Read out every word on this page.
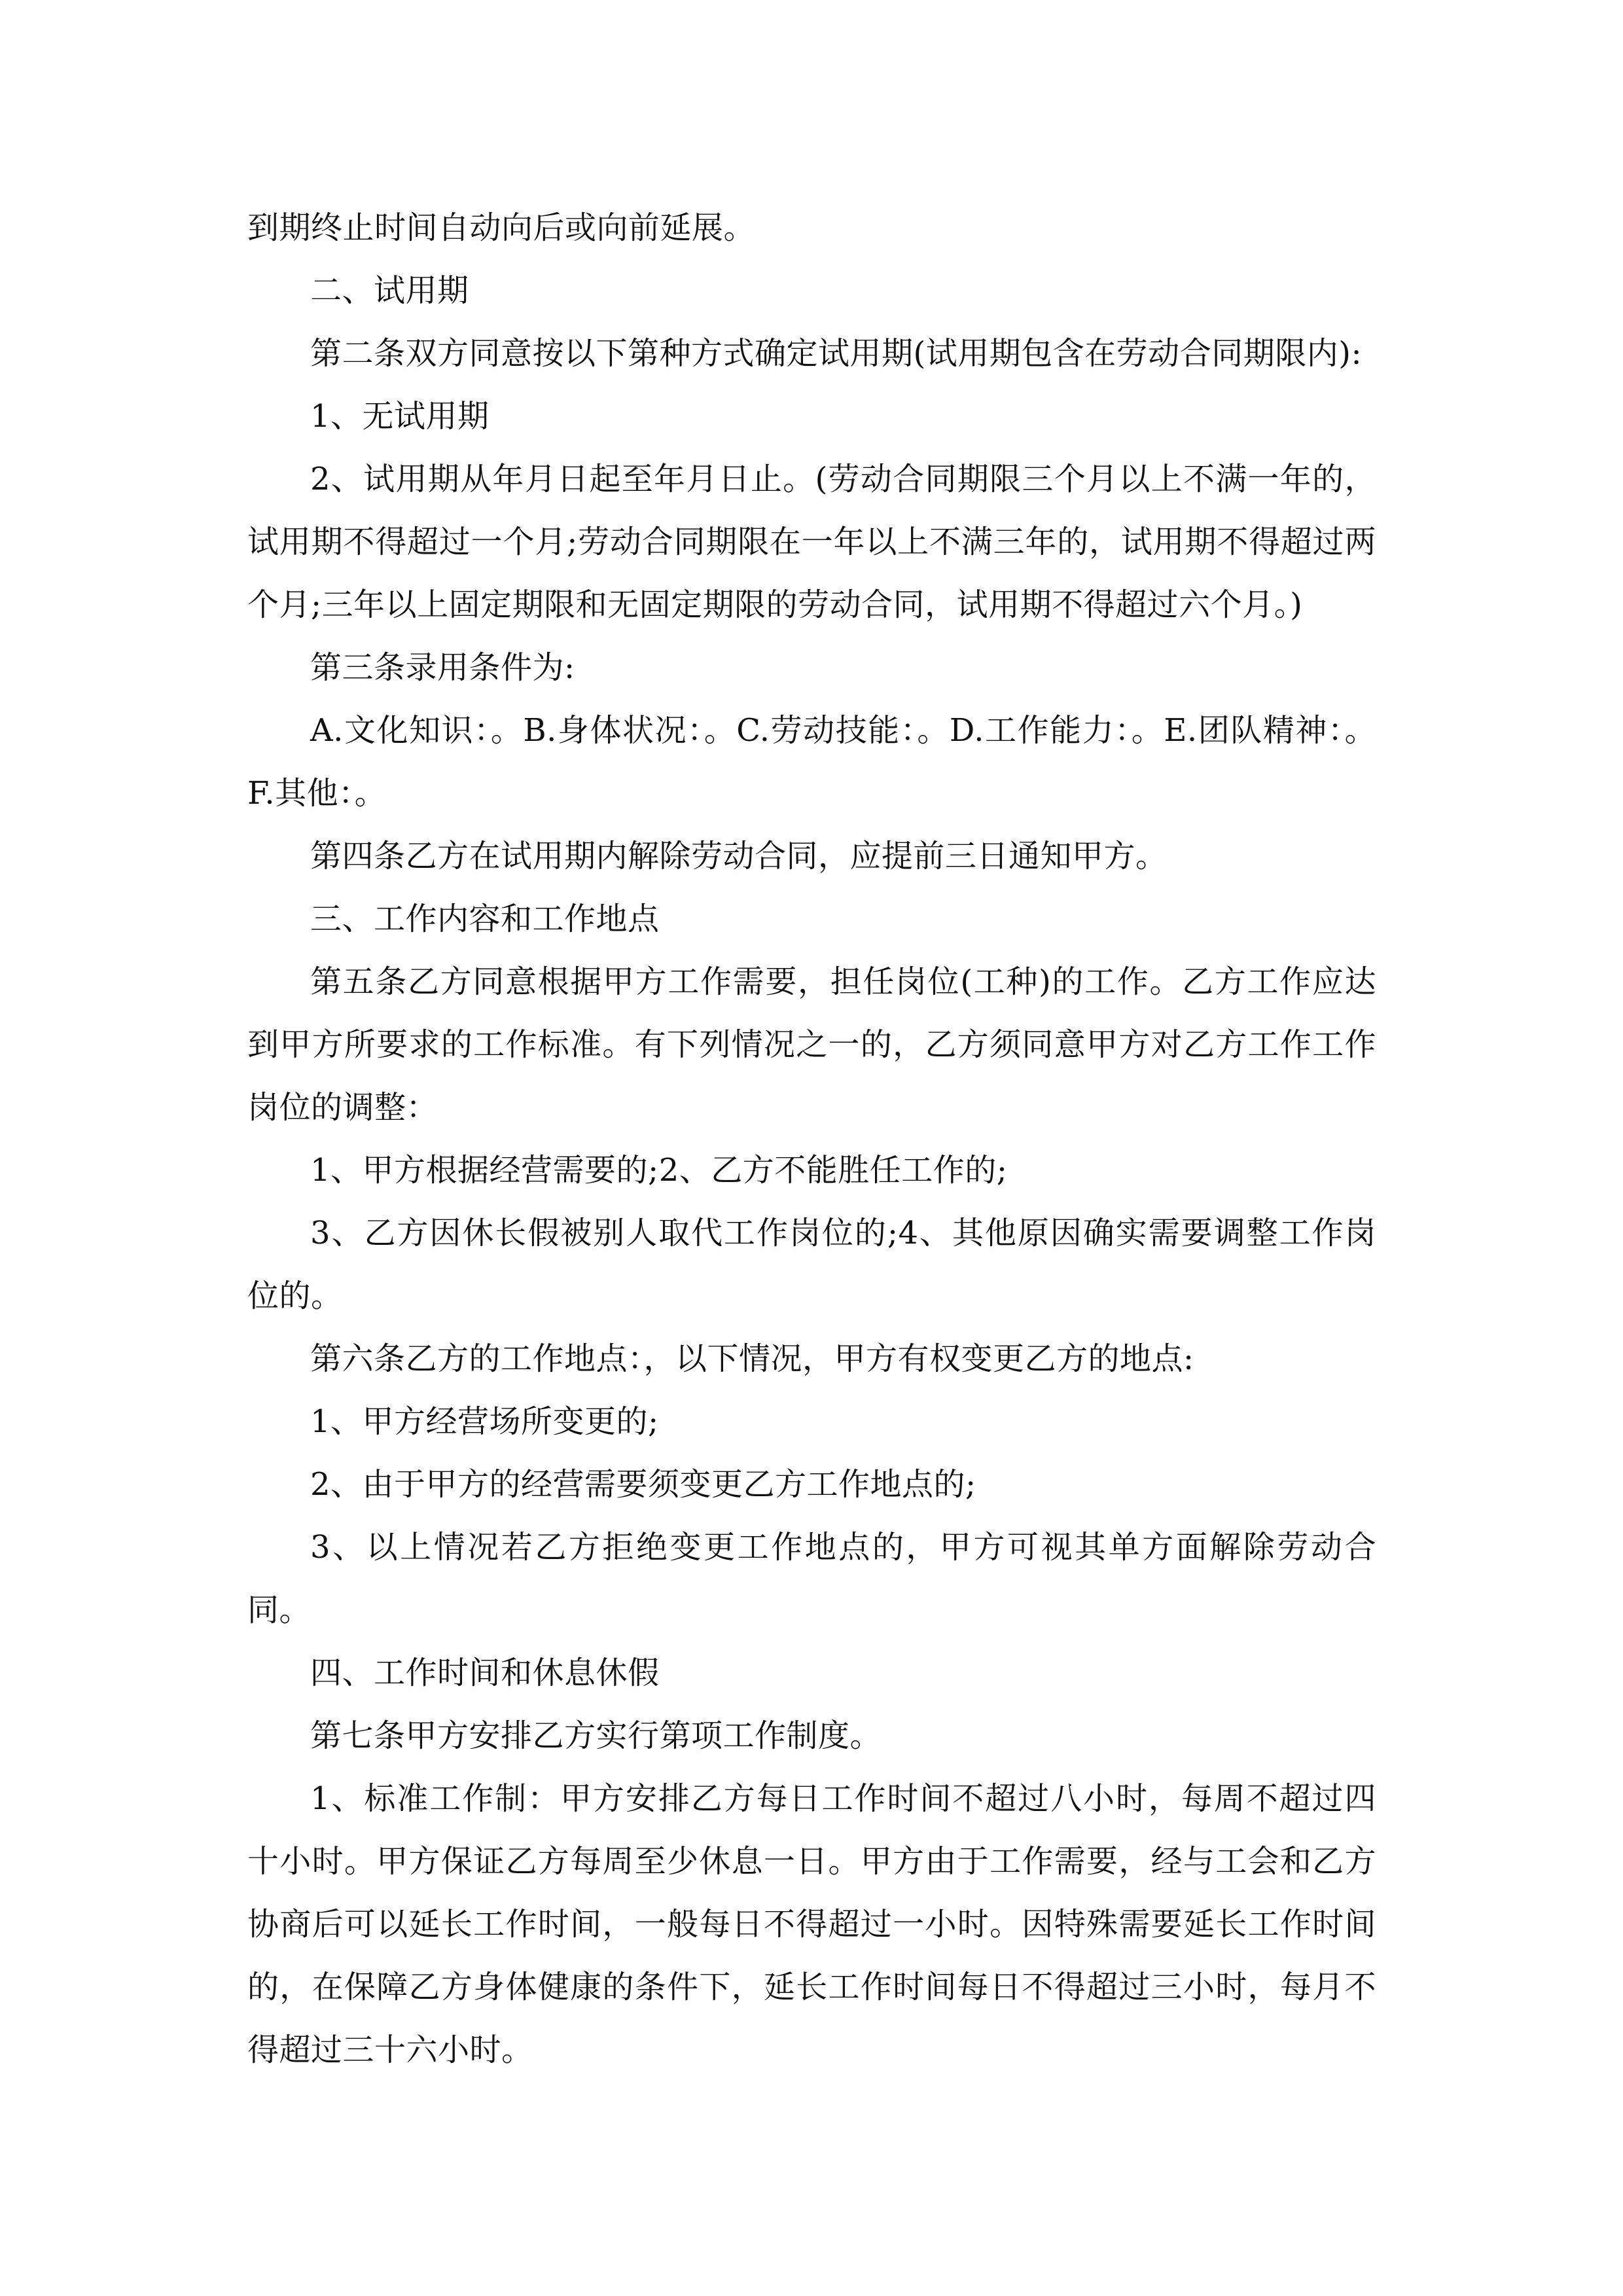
到期终止时间自动向后或向前延展。

二、试用期

第二条双方同意按以下第种方式确定试用期(试用期包含在劳动合同期限内):

1、无试用期

2、试用期从年月日起至年月日止。(劳动合同期限三个月以上不满一年的，试用期不得超过一个月;劳动合同期限在一年以上不满三年的，试用期不得超过两个月;三年以上固定期限和无固定期限的劳动合同，试用期不得超过六个月。)

第三条录用条件为:

A.文化知识：。B.身体状况：。C.劳动技能：。D.工作能力：。E.团队精神：。F.其他：。

第四条乙方在试用期内解除劳动合同，应提前三日通知甲方。

三、工作内容和工作地点

第五条乙方同意根据甲方工作需要，担任岗位(工种)的工作。乙方工作应达到甲方所要求的工作标准。有下列情况之一的，乙方须同意甲方对乙方工作工作岗位的调整：

1、甲方根据经营需要的;2、乙方不能胜任工作的;

3、乙方因休长假被别人取代工作岗位的;4、其他原因确实需要调整工作岗位的。

第六条乙方的工作地点：，以下情况，甲方有权变更乙方的地点:

1、甲方经营场所变更的;

2、由于甲方的经营需要须变更乙方工作地点的;

3、以上情况若乙方拒绝变更工作地点的，甲方可视其单方面解除劳动合同。

四、工作时间和休息休假

第七条甲方安排乙方实行第项工作制度。

1、标准工作制：甲方安排乙方每日工作时间不超过八小时，每周不超过四十小时。甲方保证乙方每周至少休息一日。甲方由于工作需要，经与工会和乙方协商后可以延长工作时间，一般每日不得超过一小时。因特殊需要延长工作时间的，在保障乙方身体健康的条件下，延长工作时间每日不得超过三小时，每月不得超过三十六小时。
